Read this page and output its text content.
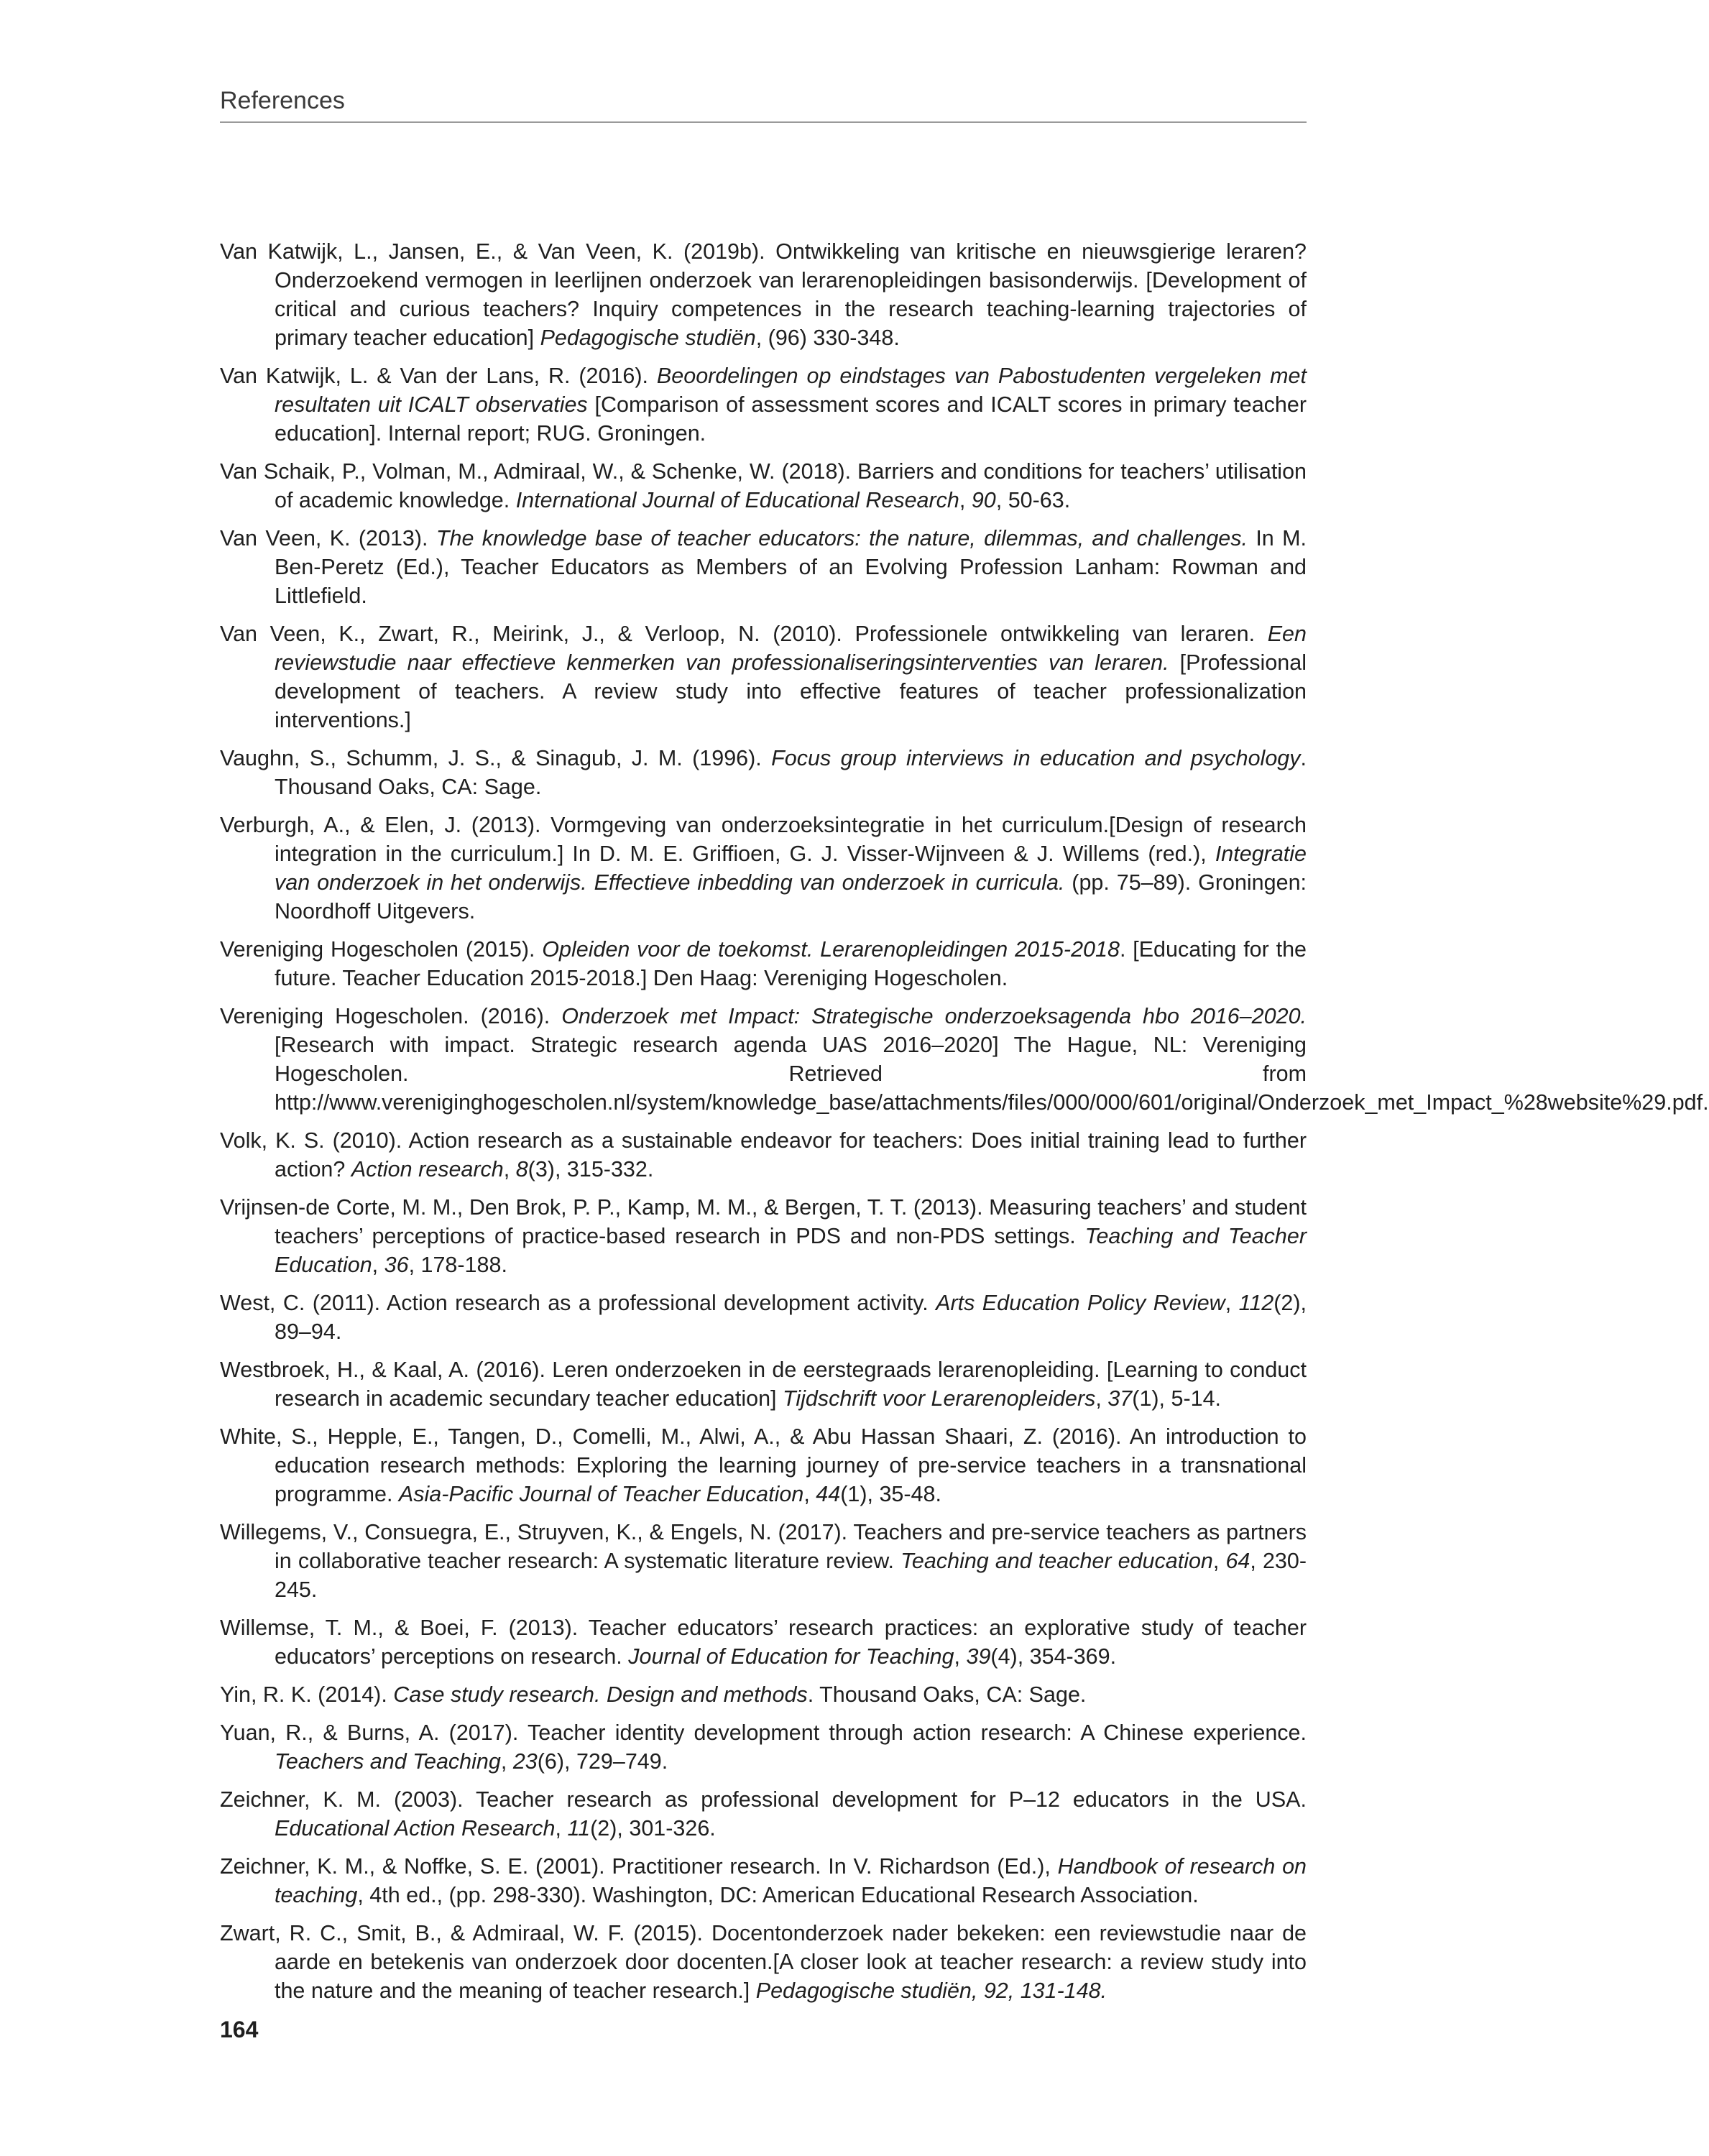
References

Van Katwijk, L., Jansen, E., & Van Veen, K. (2019b). Ontwikkeling van kritische en nieuwsgierige leraren? Onderzoekend vermogen in leerlijnen onderzoek van lerarenopleidingen basisonderwijs. [Development of critical and curious teachers? Inquiry competences in the research teaching-learning trajectories of primary teacher education] Pedagogische studiën, (96) 330-348.

Van Katwijk, L. & Van der Lans, R. (2016). Beoordelingen op eindstages van Pabostudenten vergeleken met resultaten uit ICALT observaties [Comparison of assessment scores and ICALT scores in primary teacher education]. Internal report; RUG. Groningen.

Van Schaik, P., Volman, M., Admiraal, W., & Schenke, W. (2018). Barriers and conditions for teachers’ utilisation of academic knowledge. International Journal of Educational Research, 90, 50-63.

Van Veen, K. (2013). The knowledge base of teacher educators: the nature, dilemmas, and challenges. In M. Ben-Peretz (Ed.), Teacher Educators as Members of an Evolving Profession Lanham: Rowman and Littlefield.

Van Veen, K., Zwart, R., Meirink, J., & Verloop, N. (2010). Professionele ontwikkeling van leraren. Een reviewstudie naar effectieve kenmerken van professionaliseringsinterventies van leraren. [Professional development of teachers. A review study into effective features of teacher professionalization interventions.]

Vaughn, S., Schumm, J. S., & Sinagub, J. M. (1996). Focus group interviews in education and psychology. Thousand Oaks, CA: Sage.

Verburgh, A., & Elen, J. (2013). Vormgeving van onderzoeksintegratie in het curriculum.[Design of research integration in the curriculum.] In D. M. E. Griffioen, G. J. Visser-Wijnveen & J. Willems (red.), Integratie van onderzoek in het onderwijs. Effectieve inbedding van onderzoek in curricula. (pp. 75–89). Groningen: Noordhoff Uitgevers.

Vereniging Hogescholen (2015). Opleiden voor de toekomst. Lerarenopleidingen 2015-2018. [Educating for the future. Teacher Education 2015-2018.] Den Haag: Vereniging Hogescholen.

Vereniging Hogescholen. (2016). Onderzoek met Impact: Strategische onderzoeksagenda hbo 2016–2020. [Research with impact. Strategic research agenda UAS 2016–2020] The Hague, NL: Vereniging Hogescholen. Retrieved from http://www.vereniginghogescholen.nl/system/knowledge_base/attachments/files/000/000/601/original/Onderzoek_met_Impact_%28website%29.pdf.

Volk, K. S. (2010). Action research as a sustainable endeavor for teachers: Does initial training lead to further action? Action research, 8(3), 315-332.

Vrijnsen-de Corte, M. M., Den Brok, P. P., Kamp, M. M., & Bergen, T. T. (2013). Measuring teachers’ and student teachers’ perceptions of practice-based research in PDS and non-PDS settings. Teaching and Teacher Education, 36, 178-188.

West, C. (2011). Action research as a professional development activity. Arts Education Policy Review, 112(2), 89–94.

Westbroek, H., & Kaal, A. (2016). Leren onderzoeken in de eerstegraads lerarenopleiding. [Learning to conduct research in academic secundary teacher education] Tijdschrift voor Lerarenopleiders, 37(1), 5-14.

White, S., Hepple, E., Tangen, D., Comelli, M., Alwi, A., & Abu Hassan Shaari, Z. (2016). An introduction to education research methods: Exploring the learning journey of pre-service teachers in a transnational programme. Asia-Pacific Journal of Teacher Education, 44(1), 35-48.

Willegems, V., Consuegra, E., Struyven, K., & Engels, N. (2017). Teachers and pre-service teachers as partners in collaborative teacher research: A systematic literature review. Teaching and teacher education, 64, 230-245.

Willemse, T. M., & Boei, F. (2013). Teacher educators’ research practices: an explorative study of teacher educators’ perceptions on research. Journal of Education for Teaching, 39(4), 354-369.

Yin, R. K. (2014). Case study research. Design and methods. Thousand Oaks, CA: Sage.

Yuan, R., & Burns, A. (2017). Teacher identity development through action research: A Chinese experience. Teachers and Teaching, 23(6), 729–749.

Zeichner, K. M. (2003). Teacher research as professional development for P–12 educators in the USA. Educational Action Research, 11(2), 301-326.

Zeichner, K. M., & Noffke, S. E. (2001). Practitioner research. In V. Richardson (Ed.), Handbook of research on teaching, 4th ed., (pp. 298-330). Washington, DC: American Educational Research Association.

Zwart, R. C., Smit, B., & Admiraal, W. F. (2015). Docentonderzoek nader bekeken: een reviewstudie naar de aarde en betekenis van onderzoek door docenten.[A closer look at teacher research: a review study into the nature and the meaning of teacher research.] Pedagogische studiën, 92, 131-148.

164
